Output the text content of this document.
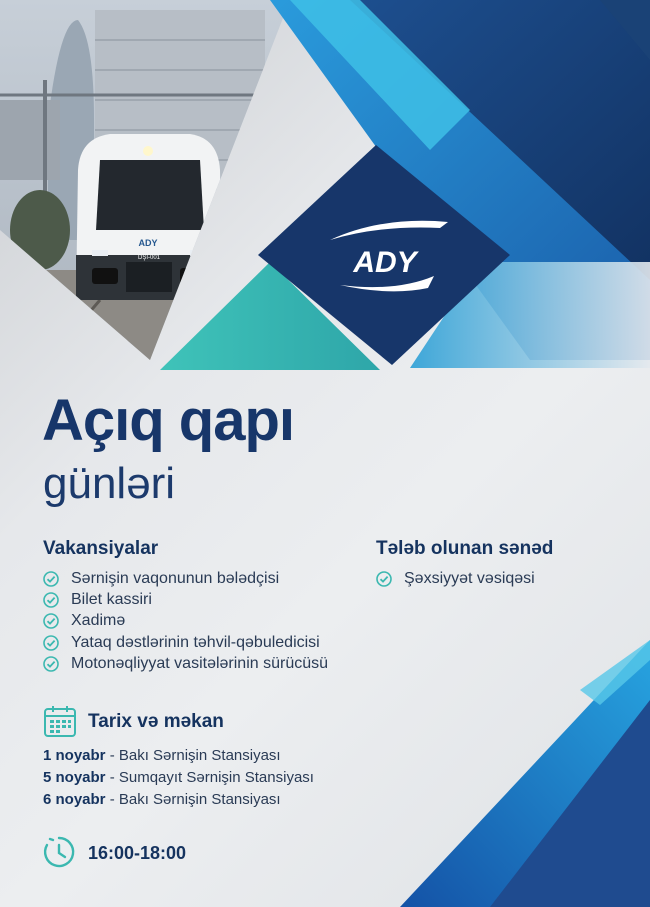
ADY
DŞİ-001	ADY
Açıq qapı
günləri
Vakansiyalar
Sərnişin vaqonunun bələdçisi
Bilet kassiri
Xadimə
Yataq dəstlərinin təhvil-qəbuledicisi
Motonəqliyyat vasitələrinin sürücüsü
Tələb olunan sənəd
Şəxsiyyət vəsiqəsi
Tarix və məkan
1 noyabr - Bakı Sərnişin Stansiyası
5 noyabr - Sumqayıt Sərnişin Stansiyası
6 noyabr - Bakı Sərnişin Stansiyası
16:00-18:00
